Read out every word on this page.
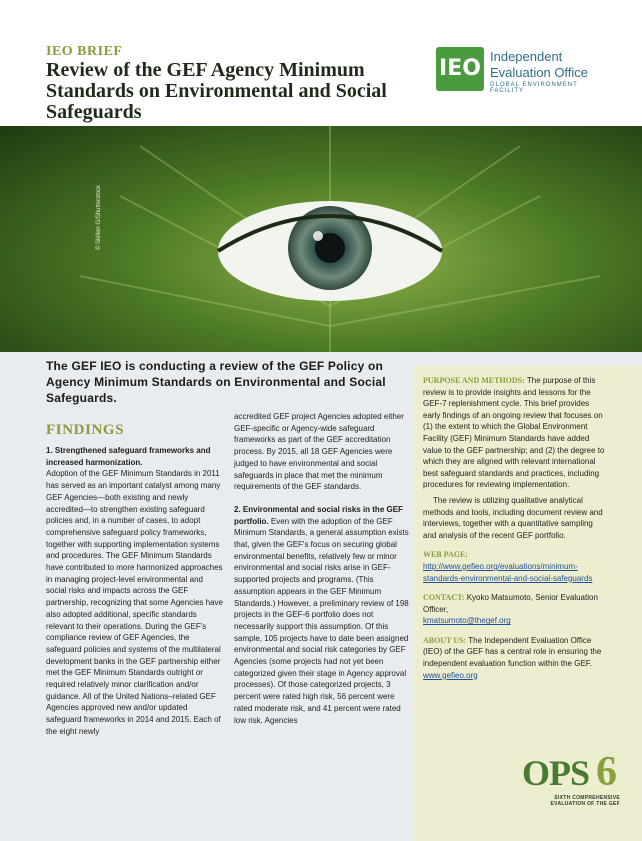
IEO BRIEF
Review of the GEF Agency Minimum Standards on Environmental and Social Safeguards
IEO Independent
Evaluation Office
GLOBAL ENVIRONMENT FACILITY
© Skillen G/Shutterstock
The GEF IEO is conducting a review of the GEF Policy on Agency Minimum Standards on Environmental and Social Safeguards.
FINDINGS

1. Strengthened safeguard frameworks and increased harmonization.

Adoption of the GEF Minimum Standards in 2011 has served as an important catalyst among many GEF Agencies—both existing and newly accredited—to strengthen existing safeguard policies and, in a number of cases, to adopt comprehensive safeguard policy frameworks, together with supporting implementation systems and procedures. The GEF Minimum Standards have contributed to more harmonized approaches in managing project-level environmental and social risks and impacts across the GEF partnership, recognizing that some Agencies have also adopted additional, specific standards relevant to their operations. During the GEF's compliance review of GEF Agencies, the safeguard policies and systems of the multilateral development banks in the GEF partnership either met the GEF Minimum Standards outright or required relatively minor clarification and/or guidance. All of the United Nations–related GEF Agencies approved new and/or updated safeguard frameworks in 2014 and 2015. Each of the eight newly

accredited GEF project Agencies adopted either GEF-specific or Agency-wide safeguard frameworks as part of the GEF accreditation process. By 2015, all 18 GEF Agencies were judged to have environmental and social safeguards in place that met the minimum requirements of the GEF standards.

2. Environmental and social risks in the GEF portfolio. Even with the adoption of the GEF Minimum Standards, a general assumption exists that, given the GEF's focus on securing global environmental benefits, relatively few or minor environmental and social risks arise in GEF-supported projects and programs. (This assumption appears in the GEF Minimum Standards.) However, a preliminary review of 198 projects in the GEF-6 portfolio does not necessarily support this assumption. Of this sample, 105 projects have to date been assigned environmental and social risk categories by GEF Agencies (some projects had not yet been categorized given their stage in Agency approval processes). Of those categorized projects, 3 percent were rated high risk, 56 percent were rated moderate risk, and 41 percent were rated low risk. Agencies

PURPOSE AND METHODS: The purpose of this review is to provide insights and lessons for the GEF-7 replenishment cycle. This brief provides early findings of an ongoing review that focuses on (1) the extent to which the Global Environment Facility (GEF) Minimum Standards have added value to the GEF partnership; and (2) the degree to which they are aligned with relevant international best safeguard standards and practices, including procedures for reviewing implementation.

The review is utilizing qualitative analytical methods and tools, including document review and interviews, together with a quantitative sampling and analysis of the recent GEF portfolio.

WEB PAGE: http://www.gefieo.org/evaluations/minimum-standards-environmental-and-social-safeguards

CONTACT: Kyoko Matsumoto, Senior Evaluation Officer,
kmatsumoto@thegef.org

ABOUT US: The Independent Evaluation Office (IEO) of the GEF has a central role in ensuring the independent evaluation function within the GEF.
www.gefieo.org

OPS 6
SIXTH COMPREHENSIVE EVALUATION OF THE GEF
